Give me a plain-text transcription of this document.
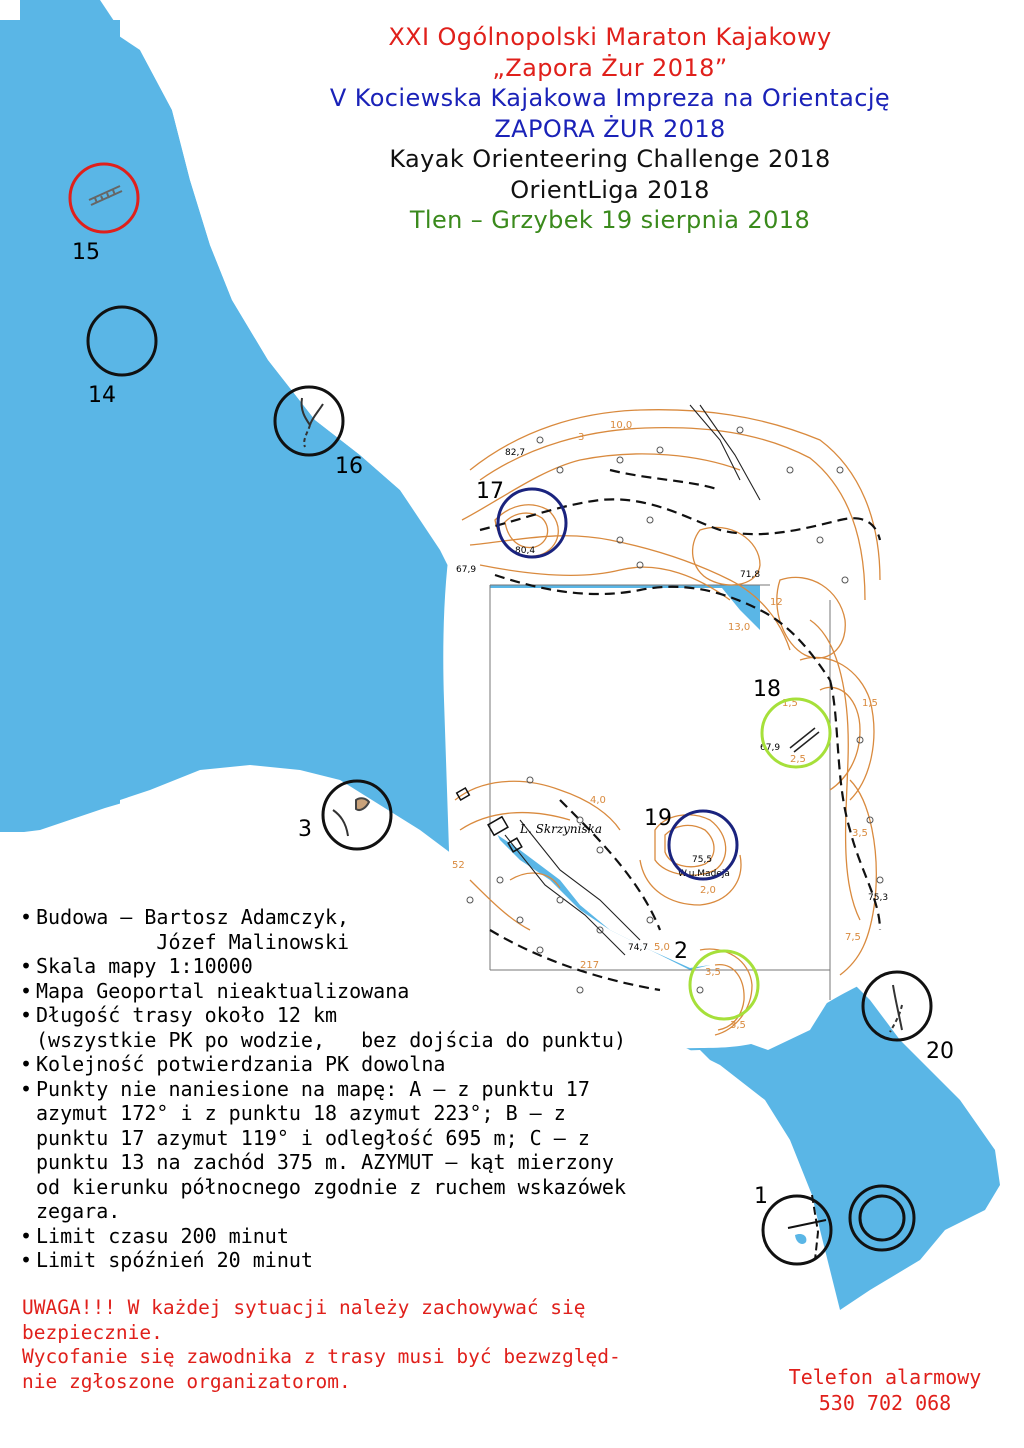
L. Skrzyniska
82,7
80,4
67,9	71,8
67,9
75,5
74,7
75,3
W.u.Madeja
10,0
13,0
1,5
2,5
4,0
2,0
5,0
3,5
3,5
7,5
3,5
1,5
12
3
217
52
15
14
16
17
18
3	19
2
20
1
XXI Ogólnopolski Maraton Kajakowy
„Zapora Żur 2018”
V Kociewska Kajakowa Impreza na Orientację
ZAPORA ŻUR 2018
Kayak Orienteering Challenge 2018
OrientLiga 2018
Tlen – Grzybek 19 sierpnia 2018
• Budowa – Bartosz Adamczyk,
Józef Malinowski
• Skala mapy 1:10000
• Mapa Geoportal nieaktualizowana
• Długość trasy około 12 km
(wszystkie PK po wodzie,   bez dojścia do punktu)
• Kolejność potwierdzania PK dowolna
• Punkty nie naniesione na mapę: A – z punktu 17
azymut 172° i z punktu 18 azymut 223°; B – z
punktu 17 azymut 119° i odległość 695 m; C – z
punktu 13 na zachód 375 m. AZYMUT – kąt mierzony
od kierunku północnego zgodnie z ruchem wskazówek
zegara.
• Limit czasu 200 minut
• Limit spóźnień 20 minut
UWAGA!!! W każdej sytuacji należy zachowywać się
bezpiecznie.
Wycofanie się zawodnika z trasy musi być bezwzględ-
nie zgłoszone organizatorom.	Telefon alarmowy
530 702 068
